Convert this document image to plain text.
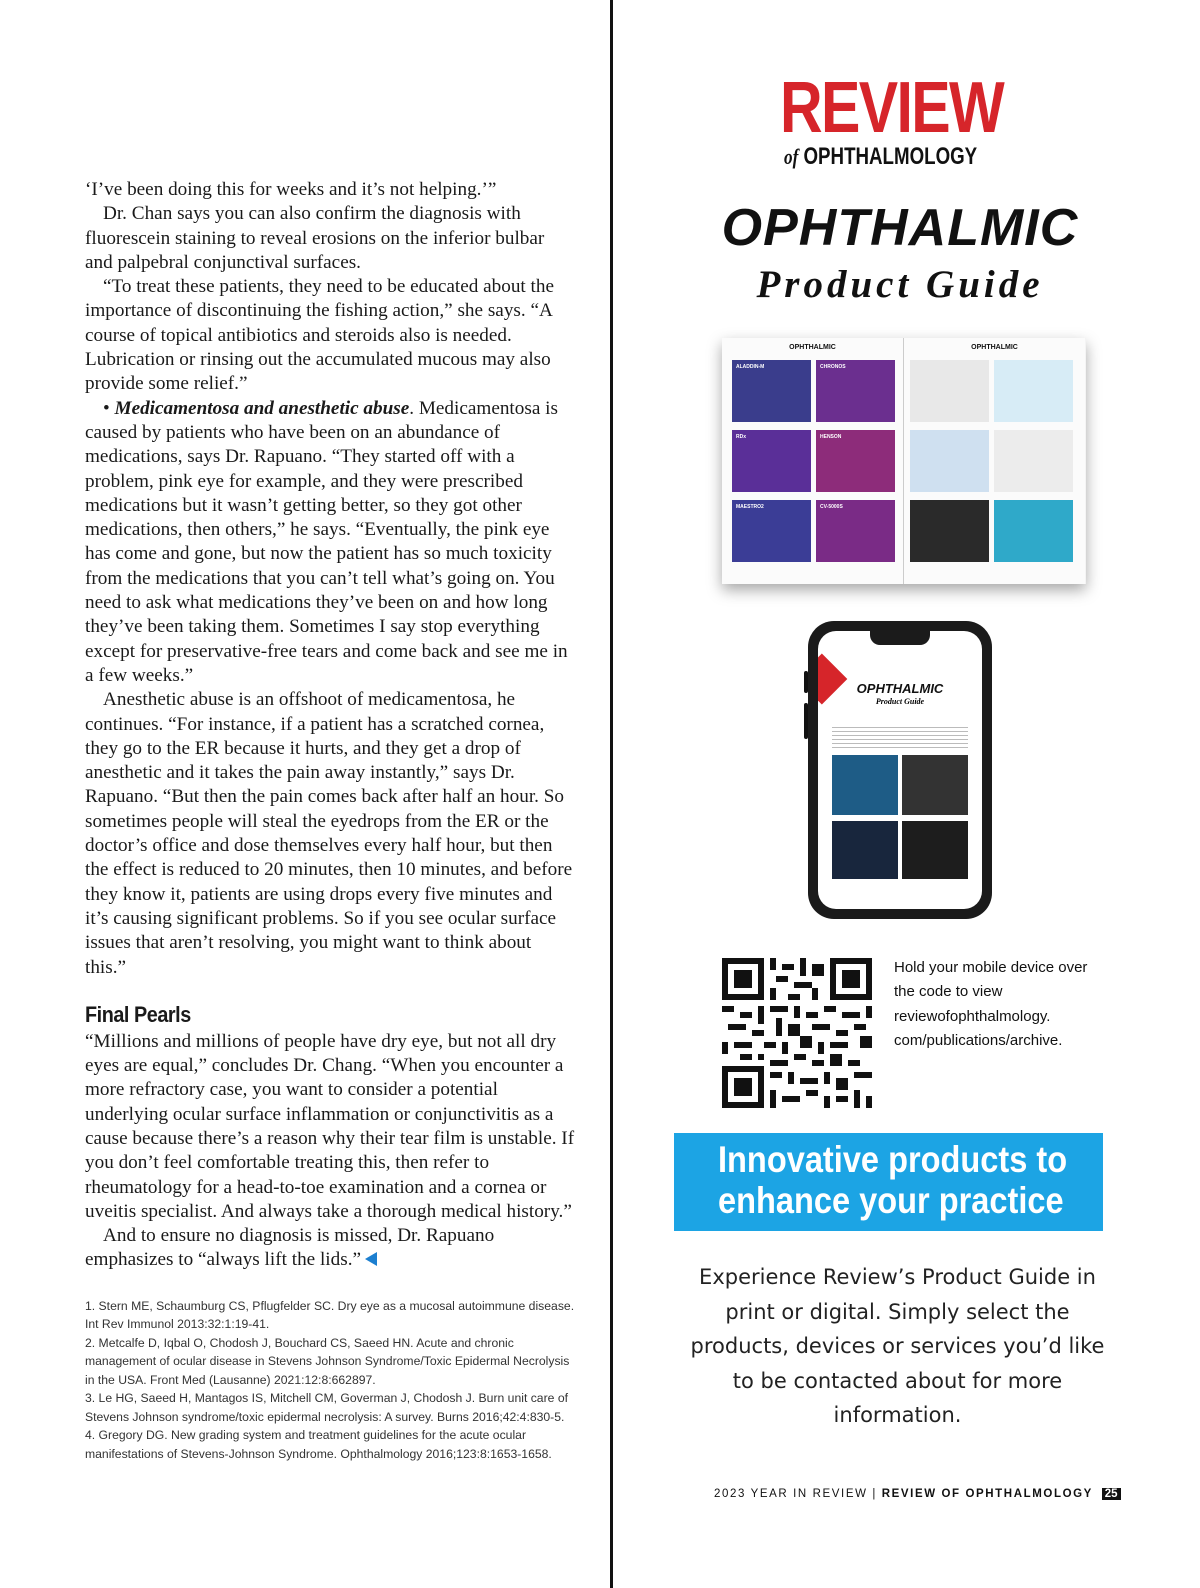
‘I’ve been doing this for weeks and it’s not helping.’”

Dr. Chan says you can also confirm the diagnosis with fluorescein staining to reveal erosions on the inferior bulbar and palpebral conjunctival surfaces.

“To treat these patients, they need to be educated about the importance of discontinuing the fishing action,” she says. “A course of topical antibiotics and steroids also is needed. Lubrication or rinsing out the accumulated mucous may also provide some relief.”

• Medicamentosa and anesthetic abuse. Medicamentosa is caused by patients who have been on an abundance of medications, says Dr. Rapuano. “They started off with a problem, pink eye for example, and they were prescribed medications but it wasn’t getting better, so they got other medications, then others,” he says. “Eventually, the pink eye has come and gone, but now the patient has so much toxicity from the medications that you can’t tell what’s going on. You need to ask what medications they’ve been on and how long they’ve been taking them. Sometimes I say stop everything except for preservative-free tears and come back and see me in a few weeks.”

Anesthetic abuse is an offshoot of medicamentosa, he continues. “For instance, if a patient has a scratched cornea, they go to the ER because it hurts, and they get a drop of anesthetic and it takes the pain away instantly,” says Dr. Rapuano. “But then the pain comes back after half an hour. So sometimes people will steal the eyedrops from the ER or the doctor’s office and dose themselves every half hour, but then the effect is reduced to 20 minutes, then 10 minutes, and before they know it, patients are using drops every five minutes and it’s causing significant problems. So if you see ocular surface issues that aren’t resolving, you might want to think about this.”

Final Pearls

“Millions and millions of people have dry eye, but not all dry eyes are equal,” concludes Dr. Chang. “When you encounter a more refractory case, you want to consider a potential underlying ocular surface inflammation or conjunctivitis as a cause because there’s a reason why their tear film is unstable. If you don’t feel comfortable treating this, then refer to rheumatology for a head-to-toe examination and a cornea or uveitis specialist. And always take a thorough medical history.”

And to ensure no diagnosis is missed, Dr. Rapuano emphasizes to “always lift the lids.”

1. Stern ME, Schaumburg CS, Pflugfelder SC. Dry eye as a mucosal autoimmune disease. Int Rev Immunol 2013:32:1:19-41.

2. Metcalfe D, Iqbal O, Chodosh J, Bouchard CS, Saeed HN. Acute and chronic management of ocular disease in Stevens Johnson Syndrome/Toxic Epidermal Necrolysis in the USA. Front Med (Lausanne) 2021:12:8:662897.

3. Le HG, Saeed H, Mantagos IS, Mitchell CM, Goverman J, Chodosh J. Burn unit care of Stevens Johnson syndrome/toxic epidermal necrolysis: A survey. Burns 2016;42:4:830-5.

4. Gregory DG. New grading system and treatment guidelines for the acute ocular manifestations of Stevens-Johnson Syndrome. Ophthalmology 2016;123:8:1653-1658.

REVIEW
of OPHTHALMOLOGY
OPHTHALMIC
Product Guide
OPHTHALMIC
ALADDIN-M	CHRONOS
RDx	HENSON
MAESTRO2	CV-5000S
OPHTHALMIC
OPHTHALMIC
Product Guide
Hold your mobile device over the code to view reviewofophthalmology. com/publications/archive.
Innovative products to
enhance your practice
Experience Review’s Product Guide in print or digital. Simply select the products, devices or services you’d like to be contacted about for more information.
2023 YEAR IN REVIEW | REVIEW OF OPHTHALMOLOGY 25
